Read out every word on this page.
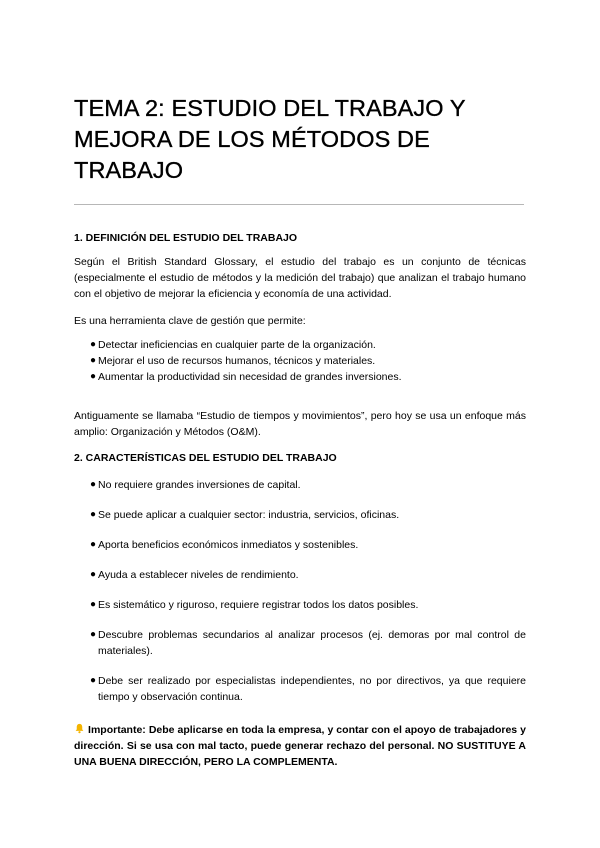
TEMA 2: ESTUDIO DEL TRABAJO Y MEJORA DE LOS MÉTODOS DE TRABAJO
1. DEFINICIÓN DEL ESTUDIO DEL TRABAJO

Según el British Standard Glossary, el estudio del trabajo es un conjunto de técnicas (especialmente el estudio de métodos y la medición del trabajo) que analizan el trabajo humano con el objetivo de mejorar la eficiencia y economía de una actividad.

Es una herramienta clave de gestión que permite:

● Detectar ineficiencias en cualquier parte de la organización.
● Mejorar el uso de recursos humanos, técnicos y materiales.
● Aumentar la productividad sin necesidad de grandes inversiones.

Antiguamente se llamaba “Estudio de tiempos y movimientos”, pero hoy se usa un enfoque más amplio: Organización y Métodos (O&M).

2. CARACTERÍSTICAS DEL ESTUDIO DEL TRABAJO
● No requiere grandes inversiones de capital.
● Se puede aplicar a cualquier sector: industria, servicios, oficinas.
● Aporta beneficios económicos inmediatos y sostenibles.
● Ayuda a establecer niveles de rendimiento.
● Es sistemático y riguroso, requiere registrar todos los datos posibles.
● Descubre problemas secundarios al analizar procesos (ej. demoras por mal control de materiales).
● Debe ser realizado por especialistas independientes, no por directivos, ya que requiere tiempo y observación continua.

Importante: Debe aplicarse en toda la empresa, y contar con el apoyo de trabajadores y dirección. Si se usa con mal tacto, puede generar rechazo del personal. NO SUSTITUYE A UNA BUENA DIRECCIÓN, PERO LA COMPLEMENTA.
